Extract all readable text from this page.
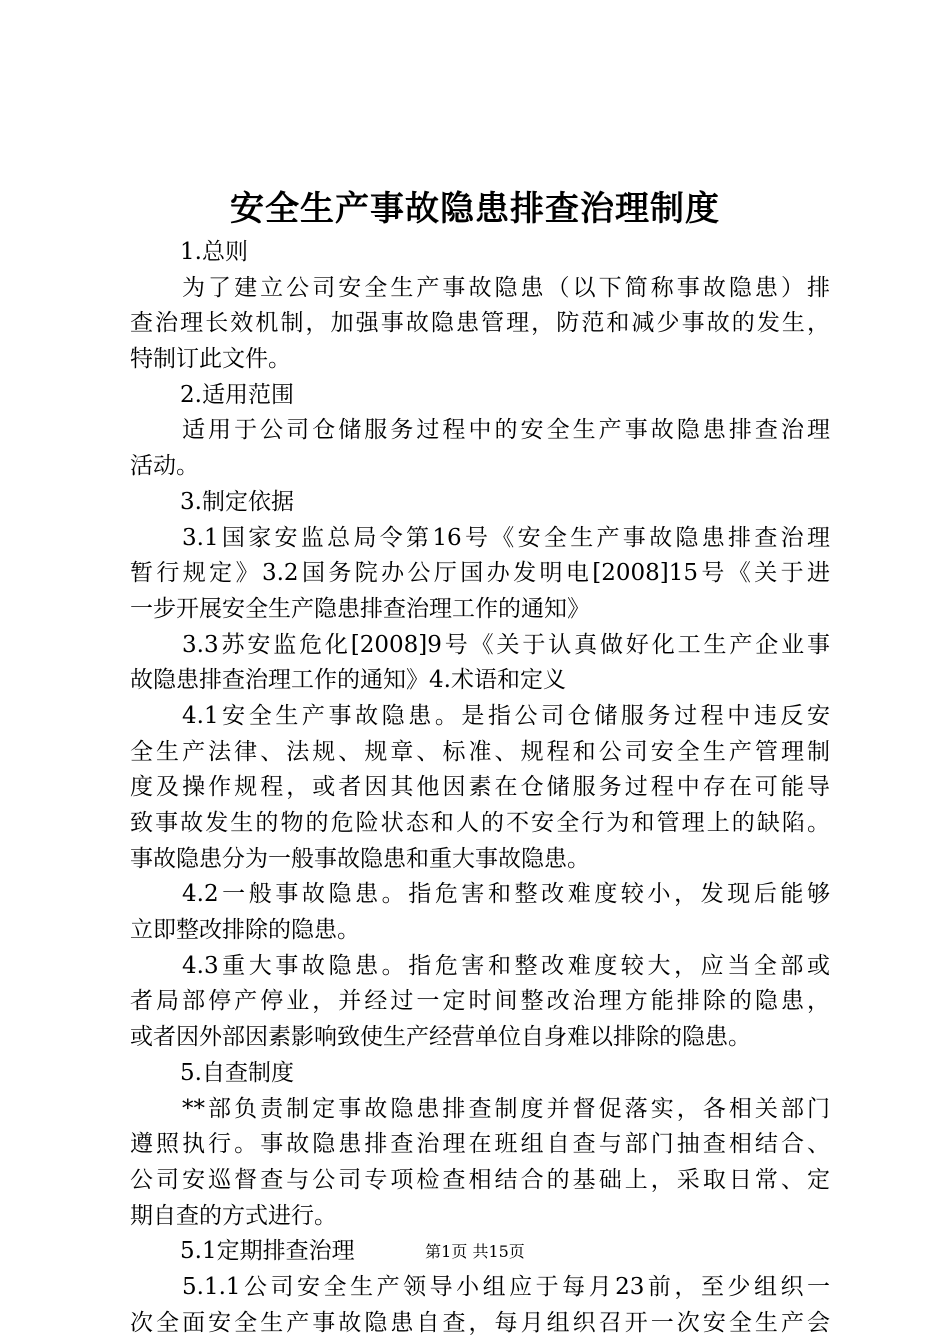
安全生产事故隐患排查治理制度
1.总则
为了建立公司安全生产事故隐患（以下简称事故隐患）排
查治理长效机制，加强事故隐患管理，防范和减少事故的发生，
特制订此文件。
2.适用范围
适用于公司仓储服务过程中的安全生产事故隐患排查治理
活动。
3.制定依据
3.1国家安监总局令第16号《安全生产事故隐患排查治理
暂行规定》3.2国务院办公厅国办发明电[2008]15号《关于进
一步开展安全生产隐患排查治理工作的通知》
3.3苏安监危化[2008]9号《关于认真做好化工生产企业事
故隐患排查治理工作的通知》4.术语和定义
4.1安全生产事故隐患。是指公司仓储服务过程中违反安
全生产法律、法规、规章、标准、规程和公司安全生产管理制
度及操作规程，或者因其他因素在仓储服务过程中存在可能导
致事故发生的物的危险状态和人的不安全行为和管理上的缺陷。
事故隐患分为一般事故隐患和重大事故隐患。
4.2一般事故隐患。指危害和整改难度较小，发现后能够
立即整改排除的隐患。
4.3重大事故隐患。指危害和整改难度较大，应当全部或
者局部停产停业，并经过一定时间整改治理方能排除的隐患，
或者因外部因素影响致使生产经营单位自身难以排除的隐患。
5.自查制度
**部负责制定事故隐患排查制度并督促落实，各相关部门
遵照执行。事故隐患排查治理在班组自查与部门抽查相结合、
公司安巡督查与公司专项检查相结合的基础上，采取日常、定
期自查的方式进行。
5.1定期排查治理
5.1.1公司安全生产领导小组应于每月23前，至少组织一
次全面安全生产事故隐患自查，每月组织召开一次安全生产会
第1页 共15页
